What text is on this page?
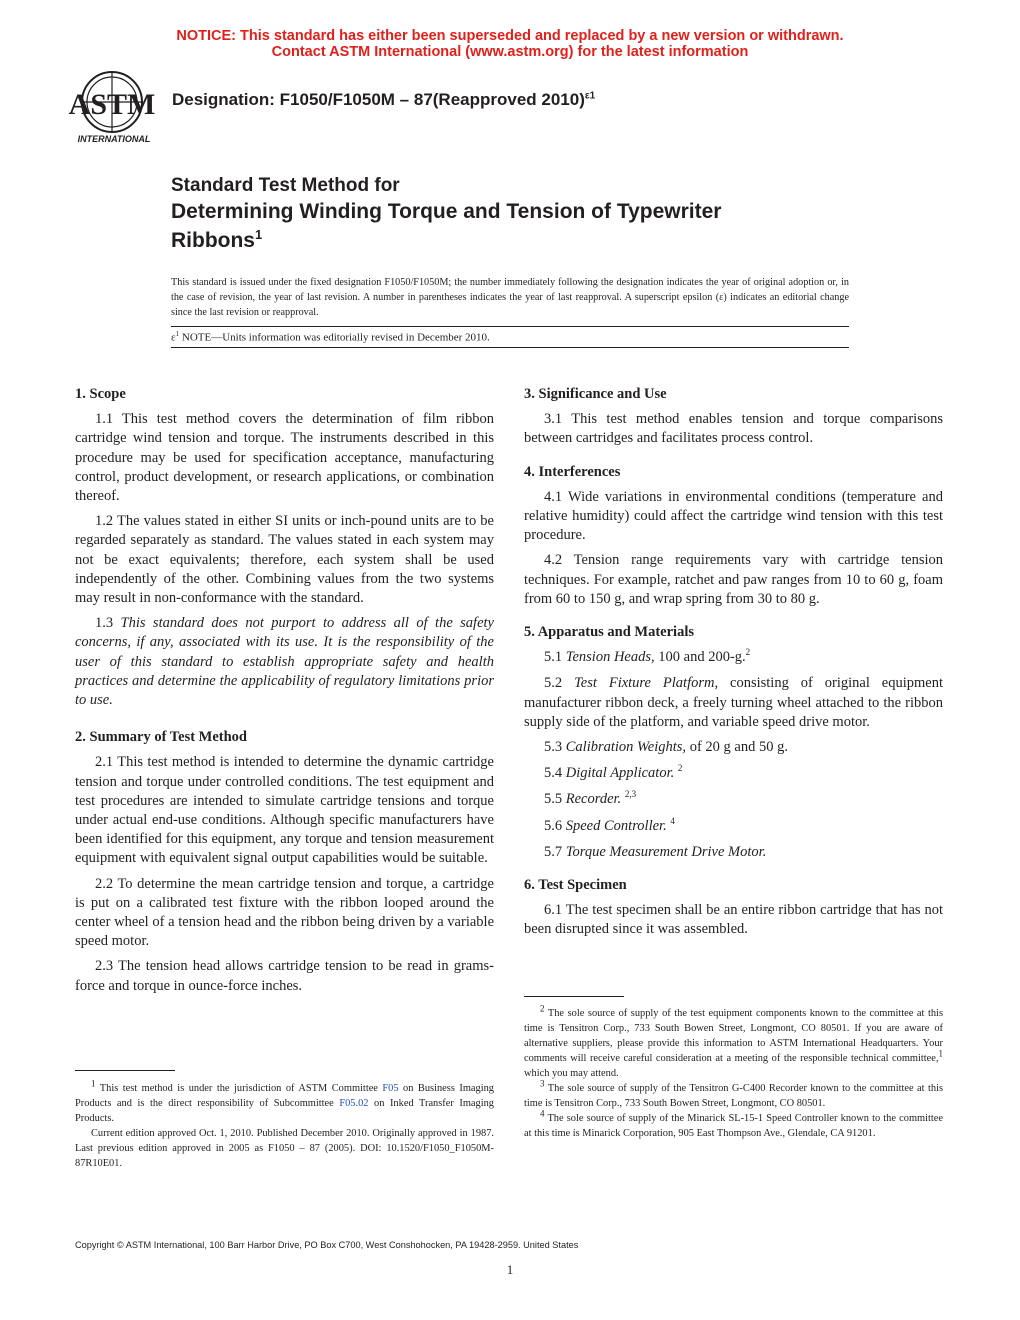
NOTICE: This standard has either been superseded and replaced by a new version or withdrawn.
Contact ASTM International (www.astm.org) for the latest information
ASTM
INTERNATIONAL
Designation: F1050/F1050M – 87(Reapproved 2010)$^{\varepsilon 1}$
Standard Test Method for
Determining Winding Torque and Tension of Typewriter
Ribbons$^1$
This standard is issued under the fixed designation F1050/F1050M; the number immediately following the designation indicates the year of original adoption or, in the case of revision, the year of last revision. A number in parentheses indicates the year of last reapproval. A superscript epsilon (ε) indicates an editorial change since the last revision or reapproval.
$\varepsilon^1$ NOTE—Units information was editorially revised in December 2010.
1. Scope

1.1 This test method covers the determination of film ribbon cartridge wind tension and torque. The instruments described in this procedure may be used for specification acceptance, manufacturing control, product development, or research applications, or combination thereof.

1.2 The values stated in either SI units or inch-pound units are to be regarded separately as standard. The values stated in each system may not be exact equivalents; therefore, each system shall be used independently of the other. Combining values from the two systems may result in non-conformance with the standard.

1.3 This standard does not purport to address all of the safety concerns, if any, associated with its use. It is the responsibility of the user of this standard to establish appropriate safety and health practices and determine the applicability of regulatory limitations prior to use.

2. Summary of Test Method

2.1 This test method is intended to determine the dynamic cartridge tension and torque under controlled conditions. The test equipment and test procedures are intended to simulate cartridge tensions and torque under actual end-use conditions. Although specific manufacturers have been identified for this equipment, any torque and tension measurement equipment with equivalent signal output capabilities would be suitable.

2.2 To determine the mean cartridge tension and torque, a cartridge is put on a calibrated test fixture with the ribbon looped around the center wheel of a tension head and the ribbon being driven by a variable speed motor.

2.3 The tension head allows cartridge tension to be read in grams-force and torque in ounce-force inches.

3. Significance and Use

3.1 This test method enables tension and torque comparisons between cartridges and facilitates process control.

4. Interferences

4.1 Wide variations in environmental conditions (temperature and relative humidity) could affect the cartridge wind tension with this test procedure.

4.2 Tension range requirements vary with cartridge tension techniques. For example, ratchet and paw ranges from 10 to 60 g, foam from 60 to 150 g, and wrap spring from 30 to 80 g.

5. Apparatus and Materials
5.1 Tension Heads, 100 and 200-g.$^2$

5.2 Test Fixture Platform, consisting of original equipment manufacturer ribbon deck, a freely turning wheel attached to the ribbon supply side of the platform, and variable speed drive motor.

5.3 Calibration Weights, of 20 g and 50 g.
5.4 Digital Applicator. $^2$
5.5 Recorder. $^{2,3}$
5.6 Speed Controller. $^4$
5.7 Torque Measurement Drive Motor.
6. Test Specimen

6.1 The test specimen shall be an entire ribbon cartridge that has not been disrupted since it was assembled.

$^1$ This test method is under the jurisdiction of ASTM Committee F05 on Business Imaging Products and is the direct responsibility of Subcommittee F05.02 on Inked Transfer Imaging Products.

Current edition approved Oct. 1, 2010. Published December 2010. Originally approved in 1987. Last previous edition approved in 2005 as F1050 – 87 (2005). DOI: 10.1520/F1050_F1050M-87R10E01.

$^2$ The sole source of supply of the test equipment components known to the committee at this time is Tensitron Corp., 733 South Bowen Street, Longmont, CO 80501. If you are aware of alternative suppliers, please provide this information to ASTM International Headquarters. Your comments will receive careful consideration at a meeting of the responsible technical committee,$^1$ which you may attend.

$^3$ The sole source of supply of the Tensitron G-C400 Recorder known to the committee at this time is Tensitron Corp., 733 South Bowen Street, Longmont, CO 80501.

$^4$ The sole source of supply of the Minarick SL-15-1 Speed Controller known to the committee at this time is Minarick Corporation, 905 East Thompson Ave., Glendale, CA 91201.

Copyright © ASTM International, 100 Barr Harbor Drive, PO Box C700, West Conshohocken, PA 19428-2959. United States
1
